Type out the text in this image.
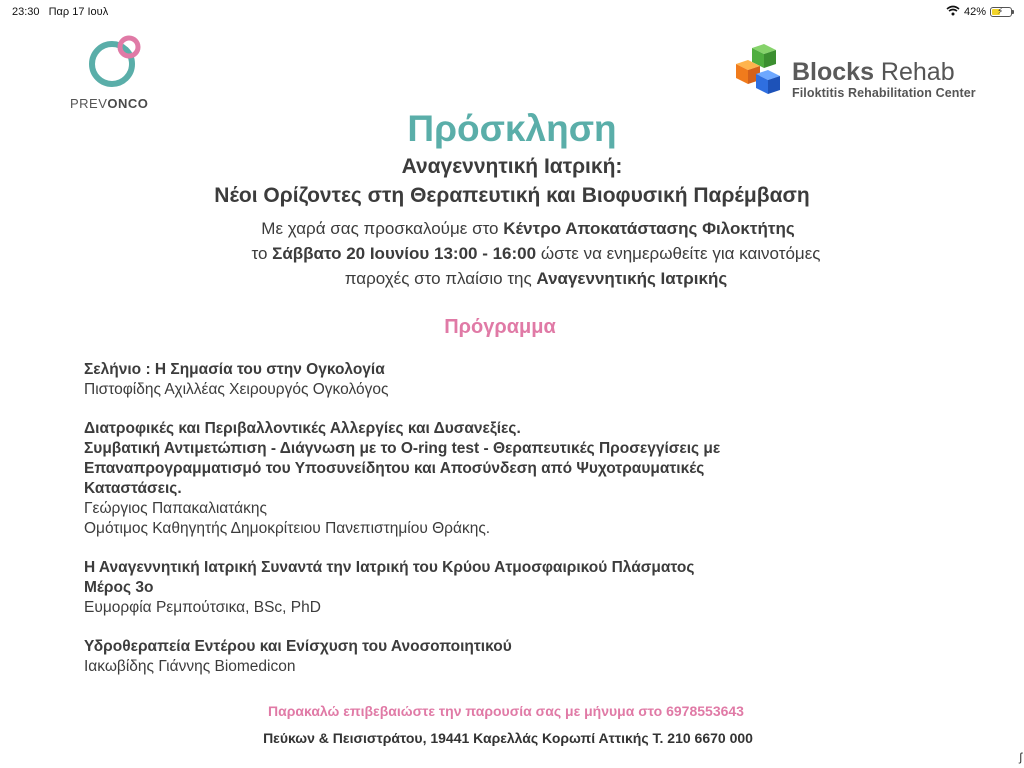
23:30 Παρ 17 Ιουλ	42% ⚡
PREVONCO
Blocks Rehab
Filoktitis Rehabilitation Center
Πρόσκληση
Αναγεννητική Ιατρική:
Νέοι Ορίζοντες στη Θεραπευτική και Βιοφυσική Παρέμβαση
Με χαρά σας προσκαλούμε στο Κέντρο Αποκατάστασης Φιλοκτήτης
το Σάββατο 20 Ιουνίου 13:00 - 16:00 ώστε να ενημερωθείτε για καινοτόμες
παροχές στο πλαίσιο της Αναγεννητικής Ιατρικής
Πρόγραμμα
Σελήνιο : Η Σημασία του στην Ογκολογία
Πιστοφίδης Αχιλλέας Χειρουργός Ογκολόγος
Διατροφικές και Περιβαλλοντικές Αλλεργίες και Δυσανεξίες.
Συμβατική Αντιμετώπιση - Διάγνωση με το O-ring test - Θεραπευτικές Προσεγγίσεις με
Επαναπρογραμματισμό του Υποσυνείδητου και Αποσύνδεση από Ψυχοτραυματικές
Καταστάσεις.
Γεώργιος Παπακαλιατάκης
Ομότιμος Καθηγητής Δημοκρίτειου Πανεπιστημίου Θράκης.
Η Αναγεννητική Ιατρική Συναντά την Ιατρική του Κρύου Ατμοσφαιρικού Πλάσματος
Μέρος 3ο
Ευμορφία Ρεμπούτσικα, BSc, PhD
Υδροθεραπεία Εντέρου και Ενίσχυση του Ανοσοποιητικού
Ιακωβίδης Γιάννης Biomedicon
Παρακαλώ επιβεβαιώστε την παρουσία σας με μήνυμα στο 6978553643
Πεύκων & Πεισιστράτου, 19441 Καρελλάς Κορωπί Αττικής Τ. 210 6670 000
ʃ
